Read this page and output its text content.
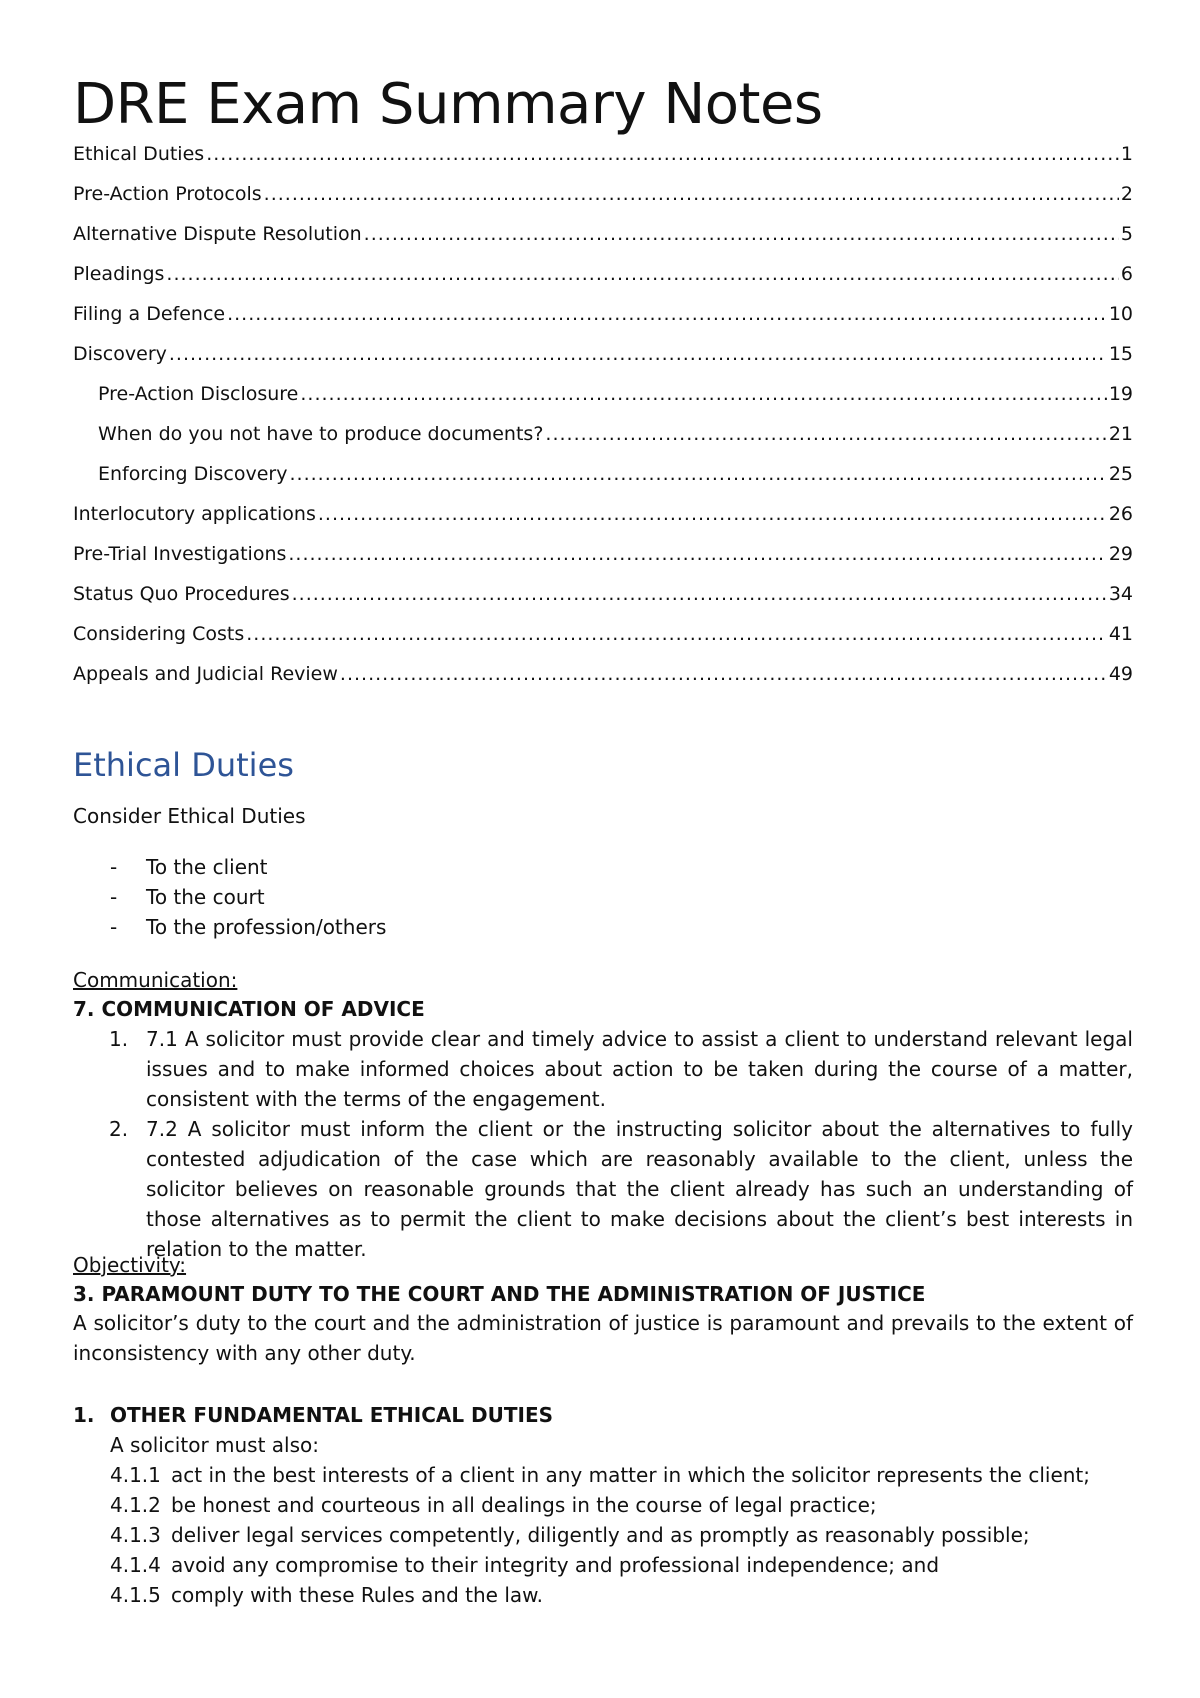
DRE Exam Summary Notes
Ethical Duties .....	1
Pre-Action Protocols .....	2
Alternative Dispute Resolution .....	5
Pleadings .....	6
Filing a Defence .....	10
Discovery .....	15
Pre-Action Disclosure .....	19
When do you not have to produce documents? .....	21
Enforcing Discovery .....	25
Interlocutory applications .....	26
Pre-Trial Investigations .....	29
Status Quo Procedures .....	34
Considering Costs .....	41
Appeals and Judicial Review .....	49
Ethical Duties

Consider Ethical Duties

-	To the client
-	To the court
-	To the profession/others

Communication:

7. COMMUNICATION OF ADVICE

1. 7.1 A solicitor must provide clear and timely advice to assist a client to understand relevant legal issues and to make informed choices about action to be taken during the course of a matter, consistent with the terms of the engagement.
2. 7.2 A solicitor must inform the client or the instructing solicitor about the alternatives to fully contested adjudication of the case which are reasonably available to the client, unless the solicitor believes on reasonable grounds that the client already has such an understanding of those alternatives as to permit the client to make decisions about the client’s best interests in relation to the matter.

Objectivity:

3. PARAMOUNT DUTY TO THE COURT AND THE ADMINISTRATION OF JUSTICE

A solicitor’s duty to the court and the administration of justice is paramount and prevails to the extent of inconsistency with any other duty.

1. OTHER FUNDAMENTAL ETHICAL DUTIES
A solicitor must also:
4.1.1 act in the best interests of a client in any matter in which the solicitor represents the client;
4.1.2 be honest and courteous in all dealings in the course of legal practice;
4.1.3 deliver legal services competently, diligently and as promptly as reasonably possible;
4.1.4 avoid any compromise to their integrity and professional independence; and
4.1.5 comply with these Rules and the law.
